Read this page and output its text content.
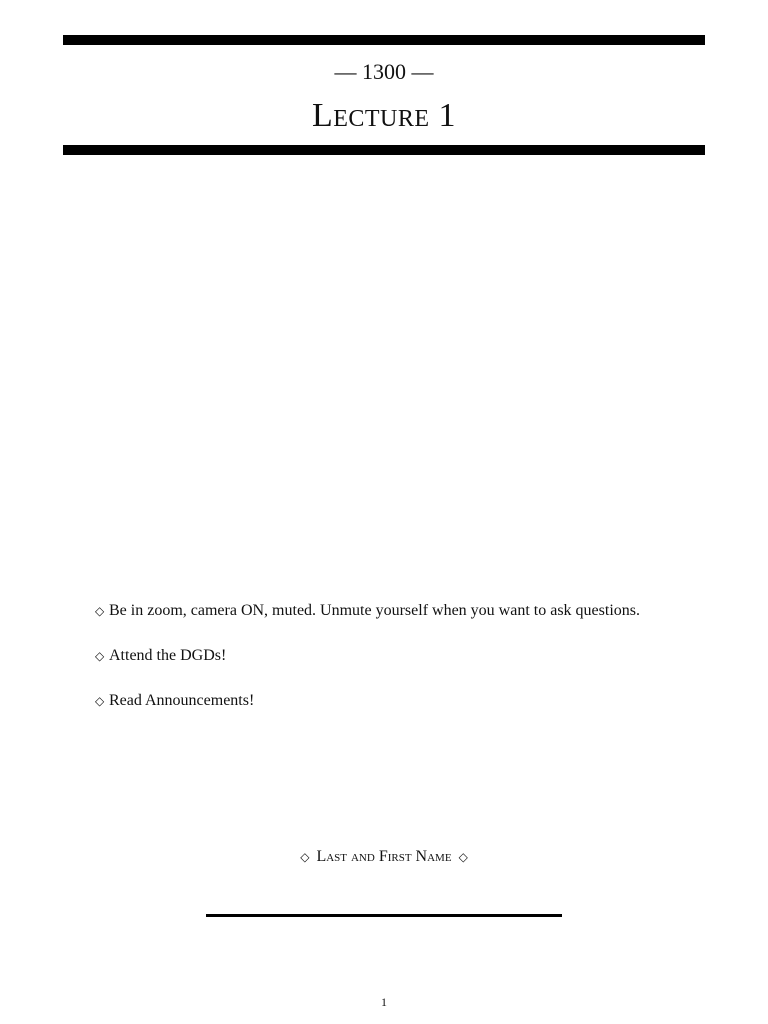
— 1300 —
Lecture 1
◇ Be in zoom, camera ON, muted. Unmute yourself when you want to ask questions.
◇ Attend the DGDs!
◇ Read Announcements!
◇ Last and First Name ◇
1
